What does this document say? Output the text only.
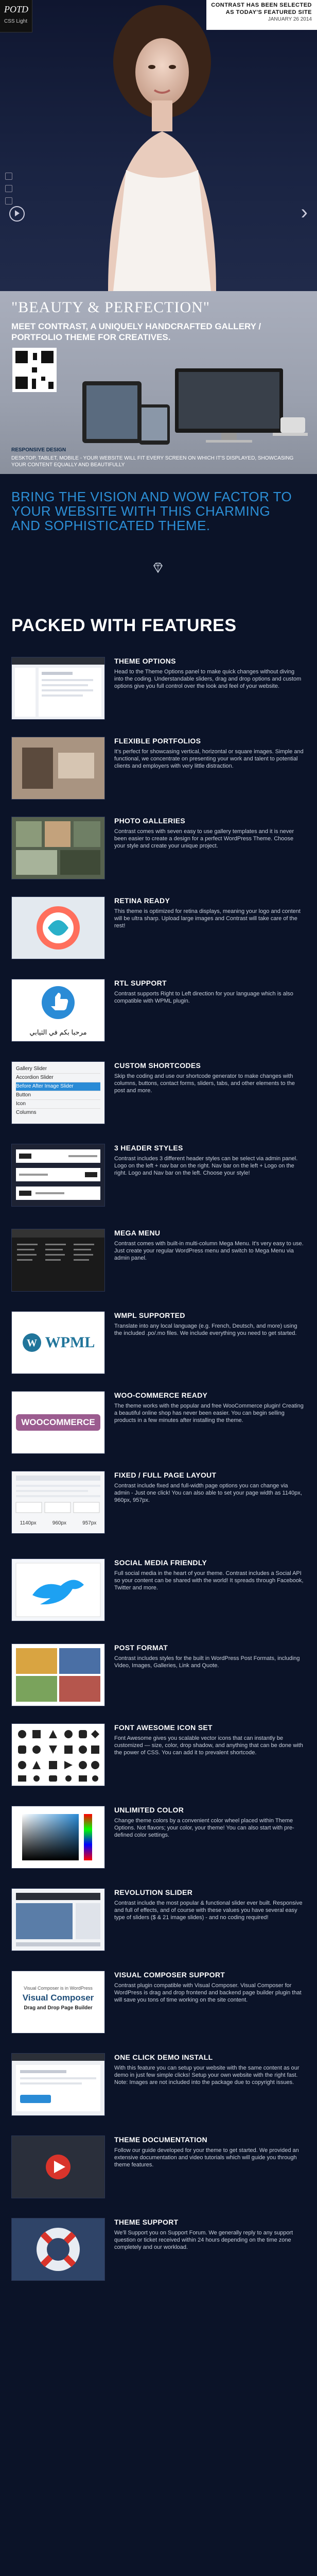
POTD
CSS Light
CONTRAST HAS BEEN SELECTED
AS TODAY'S FEATURED SITE
JANUARY 26 2014
›
"BEAUTY & PERFECTION"
MEET CONTRAST, A UNIQUELY HANDCRAFTED GALLERY / PORTFOLIO THEME FOR CREATIVES.
RESPONSIVE DESIGN
DESKTOP, TABLET, MOBILE - YOUR WEBSITE WILL FIT EVERY SCREEN ON WHICH IT'S DISPLAYED, SHOWCASING YOUR CONTENT EQUALLY AND BEAUTIFULLY
BRING THE VISION AND WOW FACTOR TO YOUR WEBSITE WITH THIS CHARMING AND SOPHISTICATED THEME.
PACKED WITH FEATURES
THEME OPTIONS
Head to the Theme Options panel to make quick changes without diving into the coding. Understandable sliders, drag and drop options and custom options give you full control over the look and feel of your website.
FLEXIBLE PORTFOLIOS
It's perfect for showcasing vertical, horizontal or square images. Simple and functional, we concentrate on presenting your work and talent to potential clients and employers with very little distraction.
PHOTO GALLERIES
Contrast comes with seven easy to use gallery templates and it is never been easier to create a design for a perfect WordPress Theme. Choose your style and create your unique project.
RETINA READY
This theme is optimized for retina displays, meaning your logo and content will be ultra sharp. Upload large images and Contrast will take care of the rest!
مرحبا بكم في الثيابي
RTL SUPPORT
Contrast supports Right to Left direction for your language which is also compatible with WPML plugin.
Gallery Slider
Accordion Slider
Before After Image Slider
Button
Icon
Columns
CUSTOM SHORTCODES
Skip the coding and use our shortcode generator to make changes with columns, buttons, contact forms, sliders, tabs, and other elements to the post and more.
3 HEADER STYLES
Contrast includes 3 different header styles can be select via admin panel. Logo on the left + nav bar on the right. Nav bar on the left + Logo on the right. Logo and Nav bar on the left. Choose your style!
MEGA MENU
Contrast comes with built-in multi-column Mega Menu. It's very easy to use. Just create your regular WordPress menu and switch to Mega Menu via admin panel.
W WPML
WMPL SUPPORTED
Translate into any local language (e.g. French, Deutsch, and more) using the included .po/.mo files. We include everything you need to get started.
WOOCOMMERCE
WOO-COMMERCE READY
The theme works with the popular and free WooCommerce plugin! Creating a beautiful online shop has never been easier. You can begin selling products in a few minutes after installing the theme.
1140px	960px	957px
FIXED / FULL PAGE LAYOUT
Contrast include fixed and full-width page options you can change via admin - Just one click! You can also able to set your page width as 1140px, 960px, 957px.
SOCIAL MEDIA FRIENDLY
Full social media in the heart of your theme. Contrast includes a Social API so your content can be shared with the world! It spreads through Facebook, Twitter and more.
POST FORMAT
Contrast includes styles for the built in WordPress Post Formats, including Video, Images, Galleries, Link and Quote.
FONT AWESOME ICON SET
Font Awesome gives you scalable vector icons that can instantly be customized — size, color, drop shadow, and anything that can be done with the power of CSS. You can add it to prevalent shortcode.
UNLIMITED COLOR
Change theme colors by a convenient color wheel placed within Theme Options. Not flavors; your color, your theme! You can also start with pre-defined color settings.
REVOLUTION SLIDER
Contrast include the most popular & functional slider ever built. Responsive and full of effects, and of course with these values you have several easy type of sliders ($ & 21 image slides) - and no coding required!
Visual Composer is in WordPress
Visual Composer
Drag and Drop Page Builder
VISUAL COMPOSER SUPPORT
Contrast plugin compatible with Visual Composer. Visual Composer for WordPress is drag and drop frontend and backend page builder plugin that will save you tons of time working on the site content.
ONE CLICK DEMO INSTALL
With this feature you can setup your website with the same content as our demo in just few simple clicks! Setup your own website with the right fast. Note: Images are not included into the package due to copyright issues.
THEME DOCUMENTATION
Follow our guide developed for your theme to get started. We provided an extensive documentation and video tutorials which will guide you through theme features.
THEME SUPPORT
We'll Support you on Support Forum. We generally reply to any support question or ticket received within 24 hours depending on the time zone completely and our workload.
